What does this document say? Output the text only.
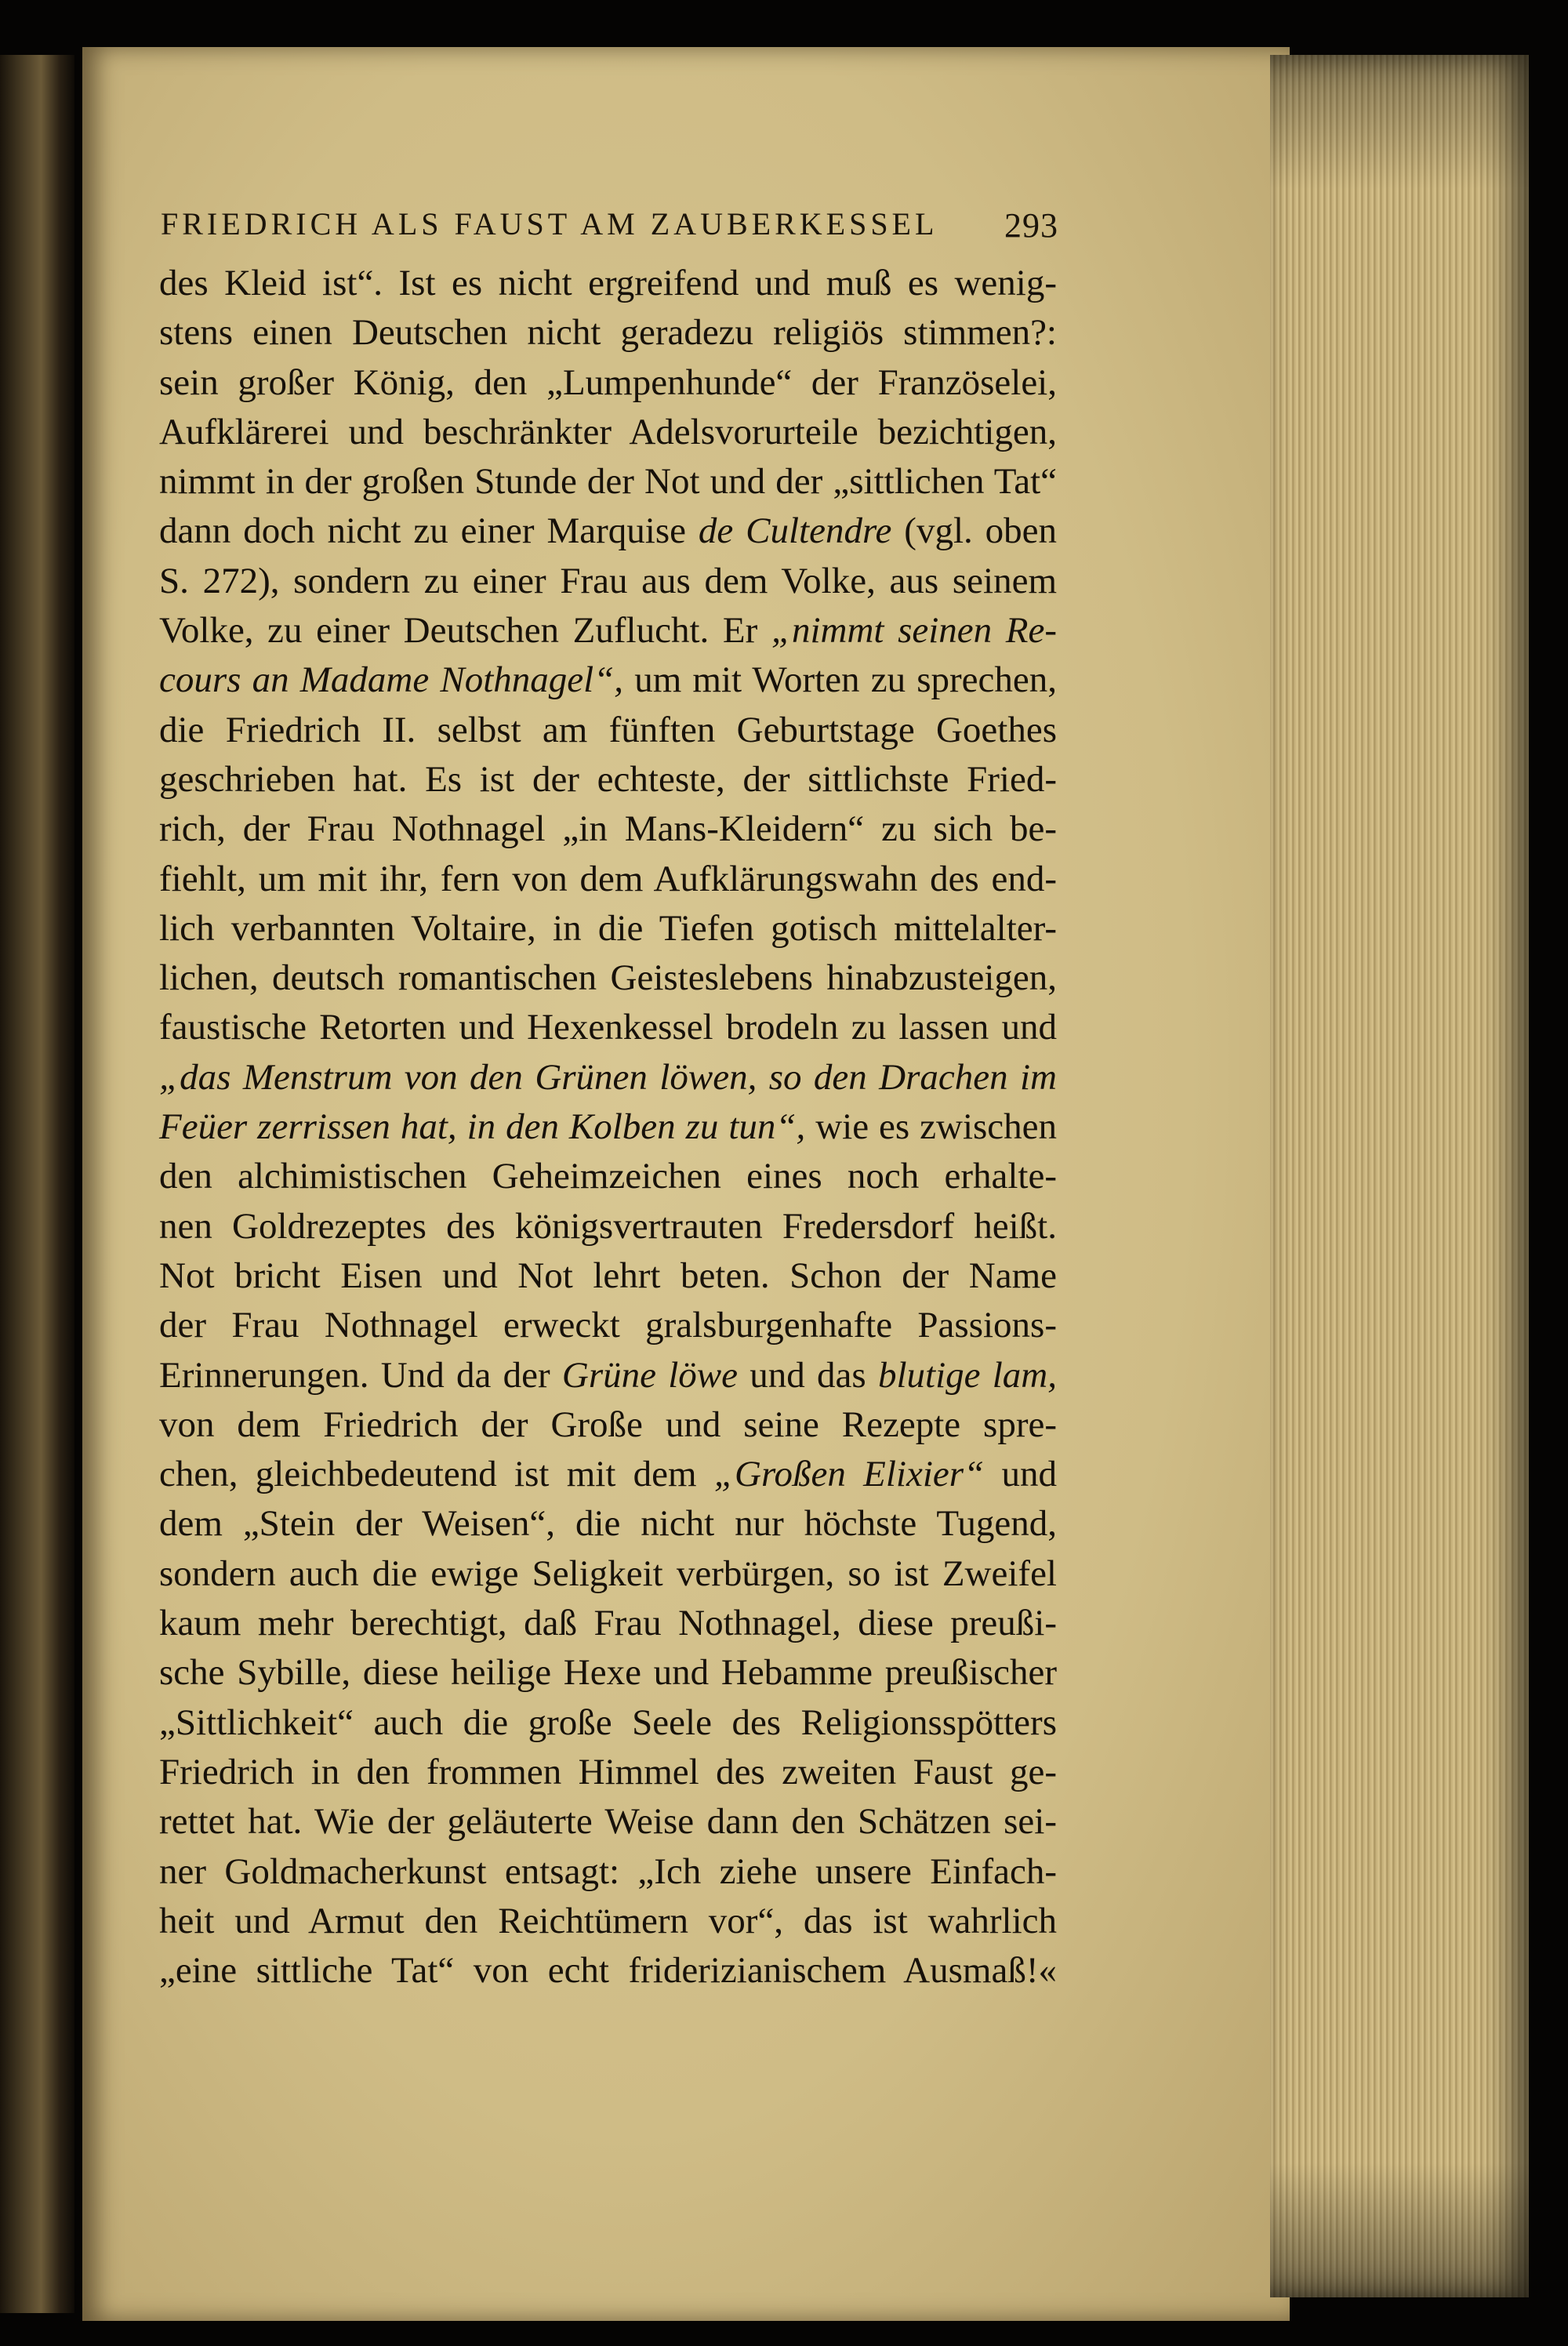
FRIEDRICH ALS FAUST AM ZAUBERKESSEL 293
des Kleid ist“. Ist es nicht ergreifend und muß es wenig-
stens einen Deutschen nicht geradezu religiös stimmen?:
sein großer König, den „Lumpenhunde“ der Französelei,
Aufklärerei und beschränkter Adelsvorurteile bezichtigen,
nimmt in der großen Stunde der Not und der „sittlichen Tat“
dann doch nicht zu einer Marquise de Cultendre (vgl. oben
S. 272), sondern zu einer Frau aus dem Volke, aus seinem
Volke, zu einer Deutschen Zuflucht. Er „nimmt seinen Re-
cours an Madame Nothnagel“, um mit Worten zu sprechen,
die Friedrich II. selbst am fünften Geburtstage Goethes
geschrieben hat. Es ist der echteste, der sittlichste Fried-
rich, der Frau Nothnagel „in Mans-Kleidern“ zu sich be-
fiehlt, um mit ihr, fern von dem Aufklärungswahn des end-
lich verbannten Voltaire, in die Tiefen gotisch mittelalter-
lichen, deutsch romantischen Geisteslebens hinabzusteigen,
faustische Retorten und Hexenkessel brodeln zu lassen und
„das Menstrum von den Grünen löwen, so den Drachen im
Feüer zerrissen hat, in den Kolben zu tun“, wie es zwischen
den alchimistischen Geheimzeichen eines noch erhalte-
nen Goldrezeptes des königsvertrauten Fredersdorf heißt.
Not bricht Eisen und Not lehrt beten. Schon der Name
der Frau Nothnagel erweckt gralsburgenhafte Passions-
Erinnerungen. Und da der Grüne löwe und das blutige lam,
von dem Friedrich der Große und seine Rezepte spre-
chen, gleichbedeutend ist mit dem „Großen Elixier“ und
dem „Stein der Weisen“, die nicht nur höchste Tugend,
sondern auch die ewige Seligkeit verbürgen, so ist Zweifel
kaum mehr berechtigt, daß Frau Nothnagel, diese preußi-
sche Sybille, diese heilige Hexe und Hebamme preußischer
„Sittlichkeit“ auch die große Seele des Religionsspötters
Friedrich in den frommen Himmel des zweiten Faust ge-
rettet hat. Wie der geläuterte Weise dann den Schätzen sei-
ner Goldmacherkunst entsagt: „Ich ziehe unsere Einfach-
heit und Armut den Reichtümern vor“, das ist wahrlich
„eine sittliche Tat“ von echt friderizianischem Ausmaß!«
